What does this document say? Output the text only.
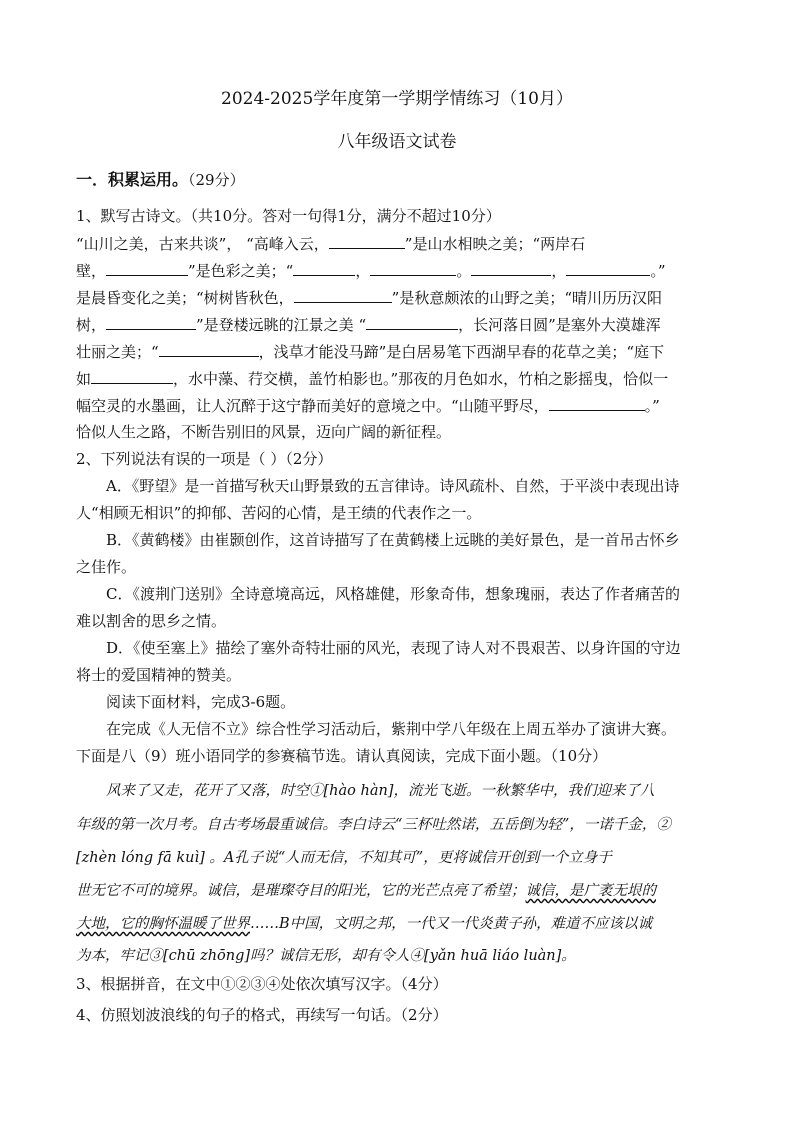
2024-2025学年度第一学期学情练习（10月）
八年级语文试卷
一．积累运用。（29分）
1、默写古诗文。（共10分。答对一句得1分，满分不超过10分）
“山川之美，古来共谈”， “高峰入云，	”是山水相映之美；“两岸石
壁，	”是色彩之美；“	，	。	，	。”
是晨昏变化之美；“树树皆秋色，	”是秋意颇浓的山野之美；“晴川历历汉阳
树，	”是登楼远眺的江景之美 “	，长河落日圆”是塞外大漠雄浑
壮丽之美；“	，浅草才能没马蹄”是白居易笔下西湖早春的花草之美；“庭下
如	，水中藻、荇交横，盖竹柏影也。”那夜的月色如水，竹柏之影摇曳，恰似一
幅空灵的水墨画，让人沉醉于这宁静而美好的意境之中。“山随平野尽，	。”
恰似人生之路，不断告别旧的风景，迈向广阔的新征程。
2、下列说法有误的一项是（ ）（2分）
A．《野望》是一首描写秋天山野景致的五言律诗。诗风疏朴、自然，于平淡中表现出诗
人“相顾无相识”的抑郁、苦闷的心情，是王绩的代表作之一。
B．《黄鹤楼》由崔颢创作，这首诗描写了在黄鹤楼上远眺的美好景色，是一首吊古怀乡
之佳作。
C．《渡荆门送别》全诗意境高远，风格雄健，形象奇伟，想象瑰丽，表达了作者痛苦的
难以割舍的思乡之情。
D．《使至塞上》描绘了塞外奇特壮丽的风光，表现了诗人对不畏艰苦、以身许国的守边
将士的爱国精神的赞美。
阅读下面材料，完成3-6题。
在完成《人无信不立》综合性学习活动后，紫荆中学八年级在上周五举办了演讲大赛。
下面是八（9）班小语同学的参赛稿节选。请认真阅读，完成下面小题。（10分）
风来了又走，花开了又落，时空①[hào hàn]，流光飞逝。一秋繁华中，我们迎来了八
年级的第一次月考。自古考场最重诚信。李白诗云“三杯吐然诺，五岳倒为轻”，一诺千金，②
[zhèn lóng fā kuì] 。A孔子说“人而无信，不知其可”，更将诚信开创到一个立身于
世无它不可的境界。诚信，是璀璨夺目的阳光，它的光芒点亮了希望；诚信，是广袤无垠的
大地，它的胸怀温暖了世界……B中国，文明之邦，一代又一代炎黄子孙，难道不应该以诚
为本，牢记③[chū zhōng]吗？诚信无形，却有令人④[yǎn huā liáo luàn]。
3、根据拼音，在文中①②③④处依次填写汉字。（4分）
4、仿照划波浪线的句子的格式，再续写一句话。（2分）
